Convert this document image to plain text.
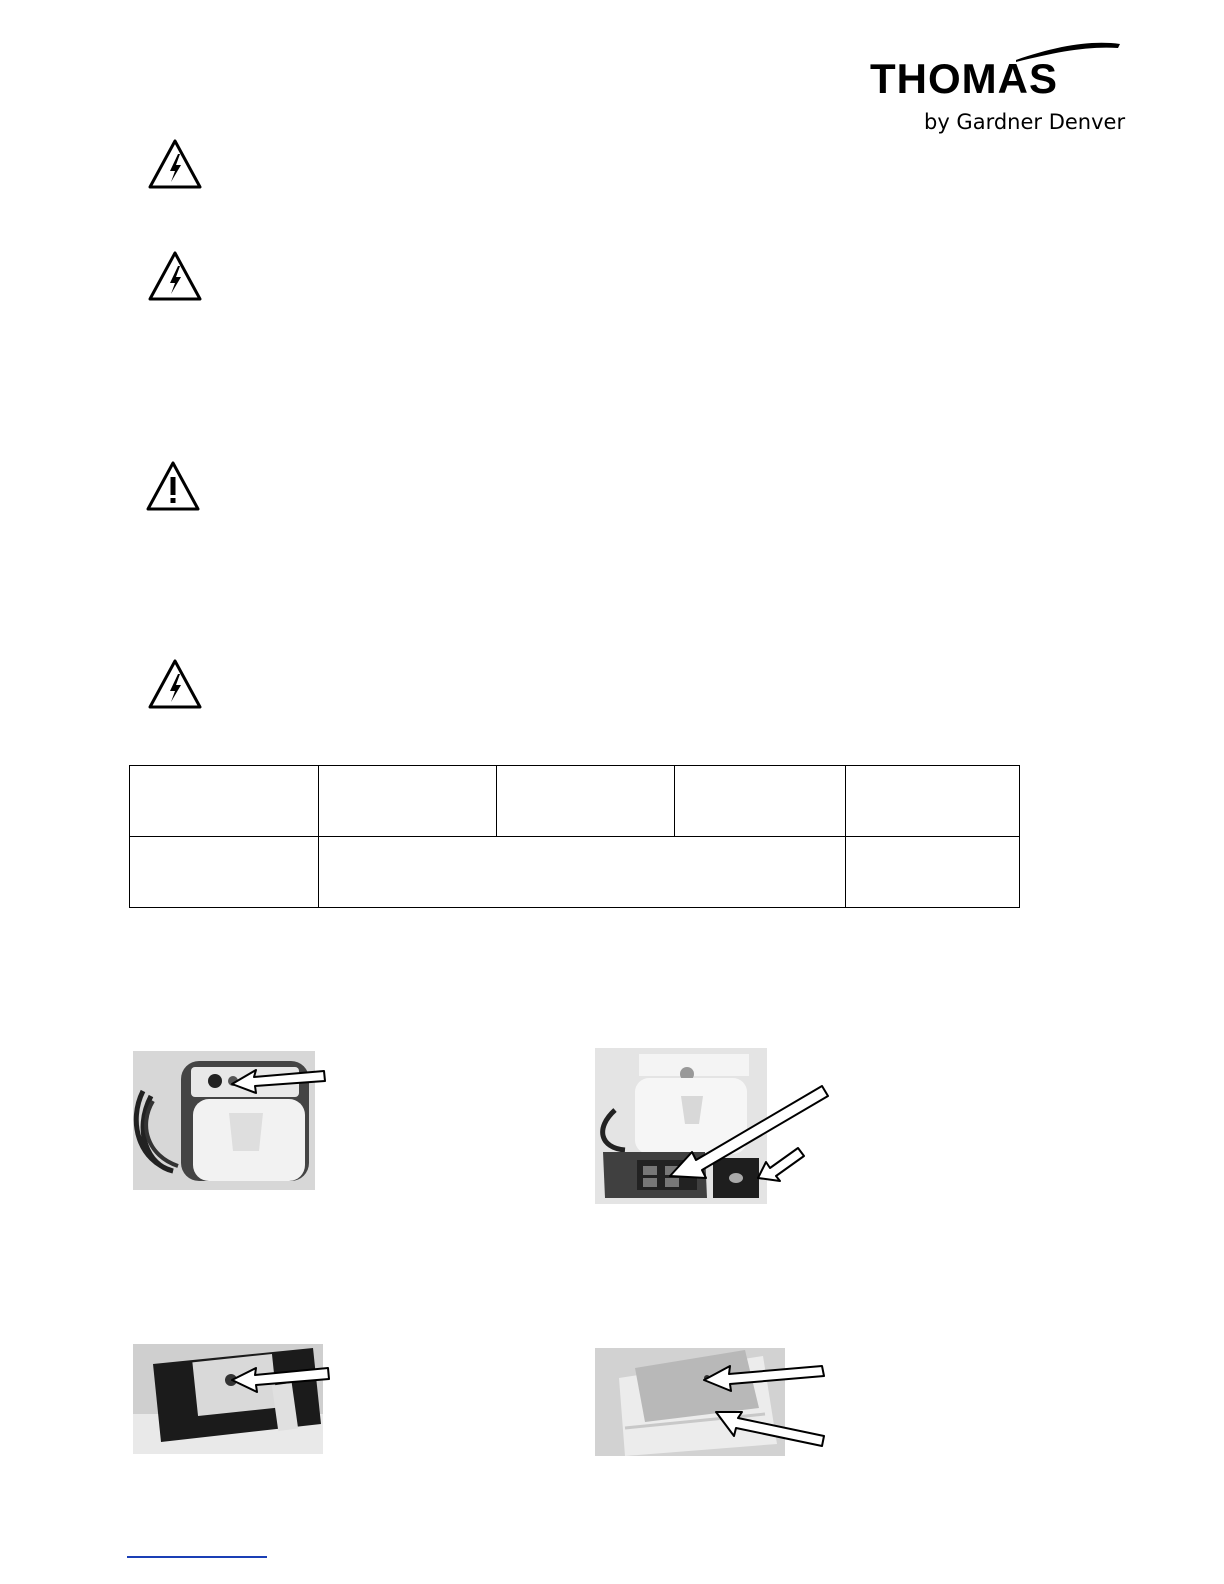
THOMAS
by Gardner Denver
